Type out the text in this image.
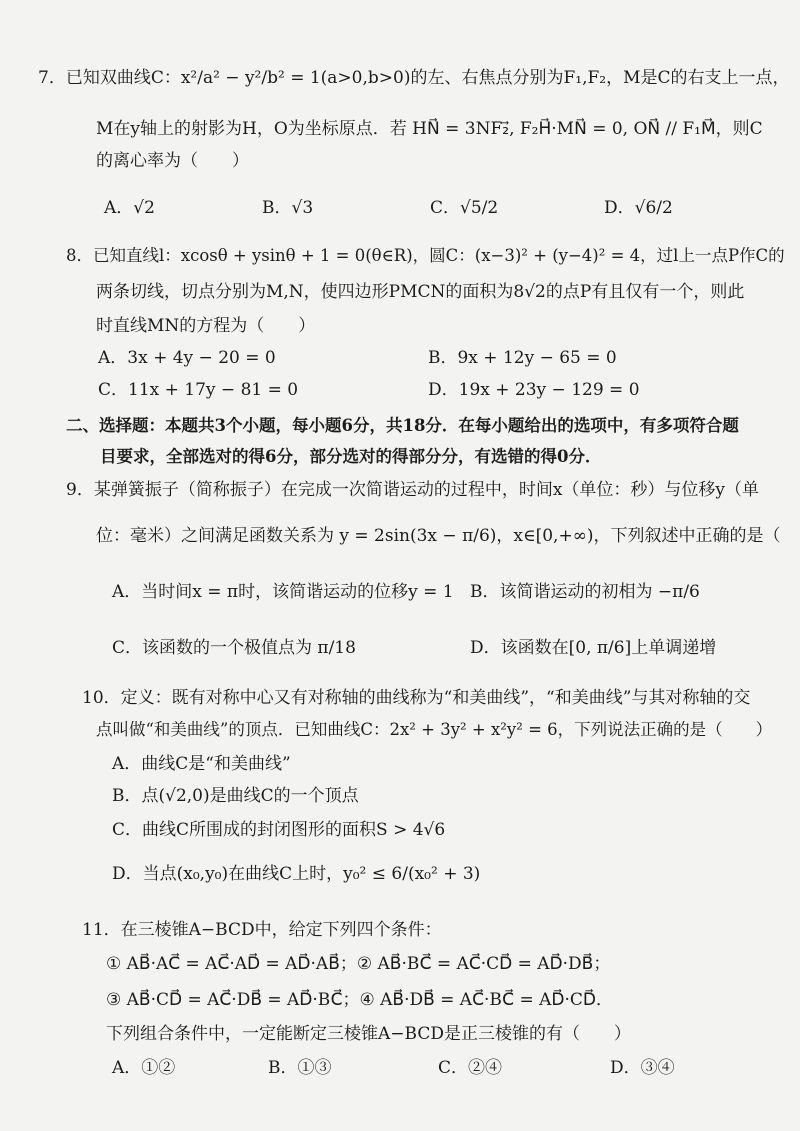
7．已知双曲线C：x²/a² − y²/b² = 1(a>0,b>0)的左、右焦点分别为F₁,F₂，M是C的右支上一点，
M在y轴上的射影为H，O为坐标原点．若 HN⃗ = 3NF₂⃗, F₂H⃗·MN⃗ = 0, ON⃗ // F₁M⃗，则C
的离心率为（　　）
A．√2	B．√3	C．√5/2	D．√6/2
8．已知直线l：xcosθ + ysinθ + 1 = 0(θ∈R)，圆C：(x−3)² + (y−4)² = 4，过l上一点P作C的
两条切线，切点分别为M,N，使四边形PMCN的面积为8√2的点P有且仅有一个，则此
时直线MN的方程为（　　）
A．3x + 4y − 20 = 0	B．9x + 12y − 65 = 0
C．11x + 17y − 81 = 0	D．19x + 23y − 129 = 0
二、选择题：本题共3个小题，每小题6分，共18分．在每小题给出的选项中，有多项符合题
目要求，全部选对的得6分，部分选对的得部分分，有选错的得0分．
9．某弹簧振子（简称振子）在完成一次简谐运动的过程中，时间x（单位：秒）与位移y（单
位：毫米）之间满足函数关系为 y = 2sin(3x − π/6)，x∈[0,+∞)，下列叙述中正确的是（
A．当时间x = π时，该简谐运动的位移y = 1 B．该简谐运动的初相为 −π/6
C．该函数的一个极值点为 π/18	D．该函数在[0, π/6]上单调递增
10．定义：既有对称中心又有对称轴的曲线称为“和美曲线”，“和美曲线”与其对称轴的交
点叫做“和美曲线”的顶点．已知曲线C：2x² + 3y² + x²y² = 6，下列说法正确的是（　　）
A．曲线C是“和美曲线”
B．点(√2,0)是曲线C的一个顶点
C．曲线C所围成的封闭图形的面积S > 4√6
D．当点(x₀,y₀)在曲线C上时，y₀² ≤ 6/(x₀² + 3)
11．在三棱锥A−BCD中，给定下列四个条件：
① AB⃗·AC⃗ = AC⃗·AD⃗ = AD⃗·AB⃗；② AB⃗·BC⃗ = AC⃗·CD⃗ = AD⃗·DB⃗；
③ AB⃗·CD⃗ = AC⃗·DB⃗ = AD⃗·BC⃗；④ AB⃗·DB⃗ = AC⃗·BC⃗ = AD⃗·CD⃗．
下列组合条件中，一定能断定三棱锥A−BCD是正三棱锥的有（　　）
A．①②	B．①③	C．②④	D．③④
